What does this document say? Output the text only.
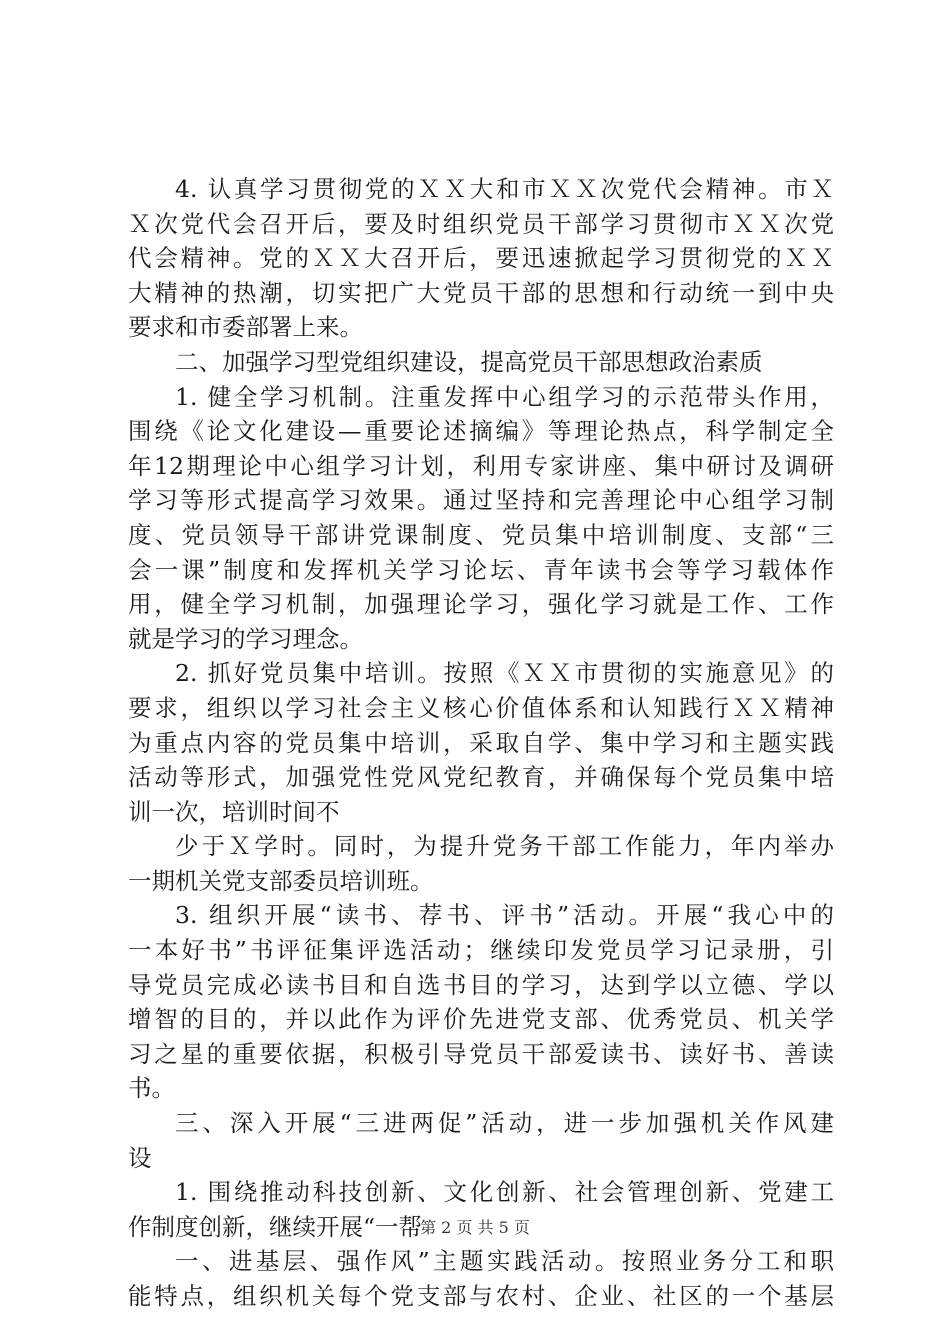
4. 认真学习贯彻党的ＸＸ大和市ＸＸ次党代会精神。市Ｘ
Ｘ次党代会召开后，要及时组织党员干部学习贯彻市ＸＸ次党
代会精神。党的ＸＸ大召开后，要迅速掀起学习贯彻党的ＸＸ
大精神的热潮，切实把广大党员干部的思想和行动统一到中央
要求和市委部署上来。
二、加强学习型党组织建设，提高党员干部思想政治素质
1. 健全学习机制。注重发挥中心组学习的示范带头作用，
围绕《论文化建设—重要论述摘编》等理论热点，科学制定全
年12期理论中心组学习计划，利用专家讲座、集中研讨及调研
学习等形式提高学习效果。通过坚持和完善理论中心组学习制
度、党员领导干部讲党课制度、党员集中培训制度、支部“三
会一课”制度和发挥机关学习论坛、青年读书会等学习载体作
用，健全学习机制，加强理论学习，强化学习就是工作、工作
就是学习的学习理念。
2. 抓好党员集中培训。按照《ＸＸ市贯彻的实施意见》的
要求，组织以学习社会主义核心价值体系和认知践行ＸＸ精神
为重点内容的党员集中培训，采取自学、集中学习和主题实践
活动等形式，加强党性党风党纪教育，并确保每个党员集中培
训一次，培训时间不
少于Ｘ学时。同时，为提升党务干部工作能力，年内举办
一期机关党支部委员培训班。
3. 组织开展“读书、荐书、评书”活动。开展“我心中的
一本好书”书评征集评选活动；继续印发党员学习记录册，引
导党员完成必读书目和自选书目的学习，达到学以立德、学以
增智的目的，并以此作为评价先进党支部、优秀党员、机关学
习之星的重要依据，积极引导党员干部爱读书、读好书、善读
书。
三、深入开展“三进两促”活动，进一步加强机关作风建
设
1. 围绕推动科技创新、文化创新、社会管理创新、党建工
作制度创新，继续开展“一帮
一、进基层、强作风”主题实践活动。按照业务分工和职
能特点，组织机关每个党支部与农村、企业、社区的一个基层
第 2 页 共 5 页
